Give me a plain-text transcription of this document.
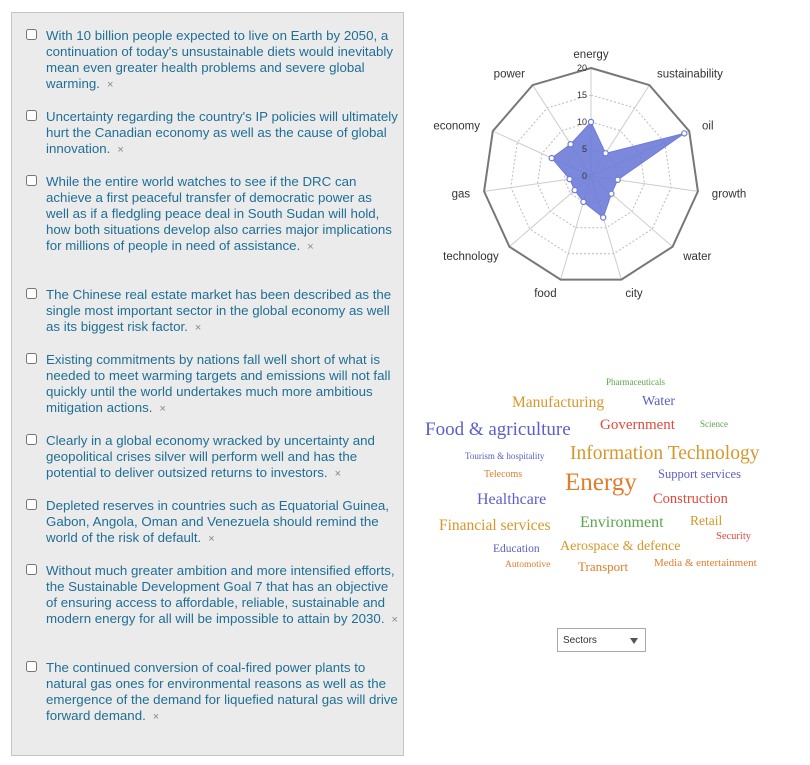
With 10 billion people expected to live on Earth by 2050, a continuation of today's unsustainable diets would inevitably mean even greater health problems and severe global warming. ×
Uncertainty regarding the country's IP policies will ultimately hurt the Canadian economy as well as the cause of global innovation. ×
While the entire world watches to see if the DRC can achieve a first peaceful transfer of democratic power as well as if a fledgling peace deal in South Sudan will hold, how both situations develop also carries major implications for millions of people in need of assistance. ×
The Chinese real estate market has been described as the single most important sector in the global economy as well as its biggest risk factor. ×
Existing commitments by nations fall well short of what is needed to meet warming targets and emissions will not fall quickly until the world undertakes much more ambitious mitigation actions. ×
Clearly in a global economy wracked by uncertainty and geopolitical crises silver will perform well and has the potential to deliver outsized returns to investors. ×
Depleted reserves in countries such as Equatorial Guinea, Gabon, Angola, Oman and Venezuela should remind the world of the risk of default. ×
Without much greater ambition and more intensified efforts, the Sustainable Development Goal 7 that has an objective of ensuring access to affordable, reliable, sustainable and modern energy for all will be impossible to attain by 2030. ×
The continued conversion of coal-fired power plants to natural gas ones for environmental reasons as well as the emergence of the demand for liquefied natural gas will drive forward demand. ×
0
5
10
15
20
energy
sustainability
oil
growth
water
city
food
technology
gas
economy
power
Pharmaceuticals
Manufacturing	Water
Science
Food & agriculture Government
Information Technology
Tourism & hospitality
Telecoms Energy Support services
Healthcare	Construction
Financial services Environment Retail
Security
Education Aerospace & defence
Automotive Transport Media & entertainment
Sectors
